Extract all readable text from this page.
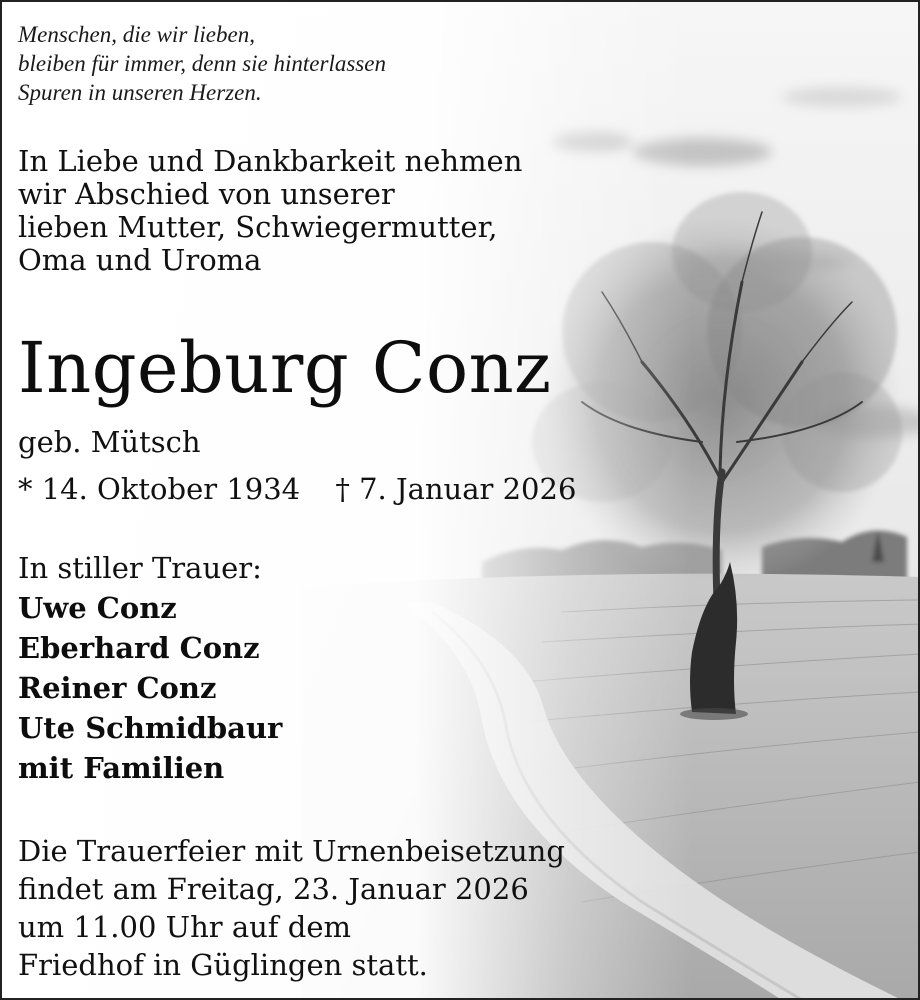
Menschen, die wir lieben,
bleiben für immer, denn sie hinterlassen
Spuren in unseren Herzen.
In Liebe und Dankbarkeit nehmen
wir Abschied von unserer
lieben Mutter, Schwiegermutter,
Oma und Uroma
Ingeburg Conz
geb. Mütsch
* 14. Oktober 1934 † 7. Januar 2026
In stiller Trauer:
Uwe Conz
Eberhard Conz
Reiner Conz
Ute Schmidbaur
mit Familien
Die Trauerfeier mit Urnenbeisetzung
findet am Freitag, 23. Januar 2026
um 11.00 Uhr auf dem
Friedhof in Güglingen statt.
